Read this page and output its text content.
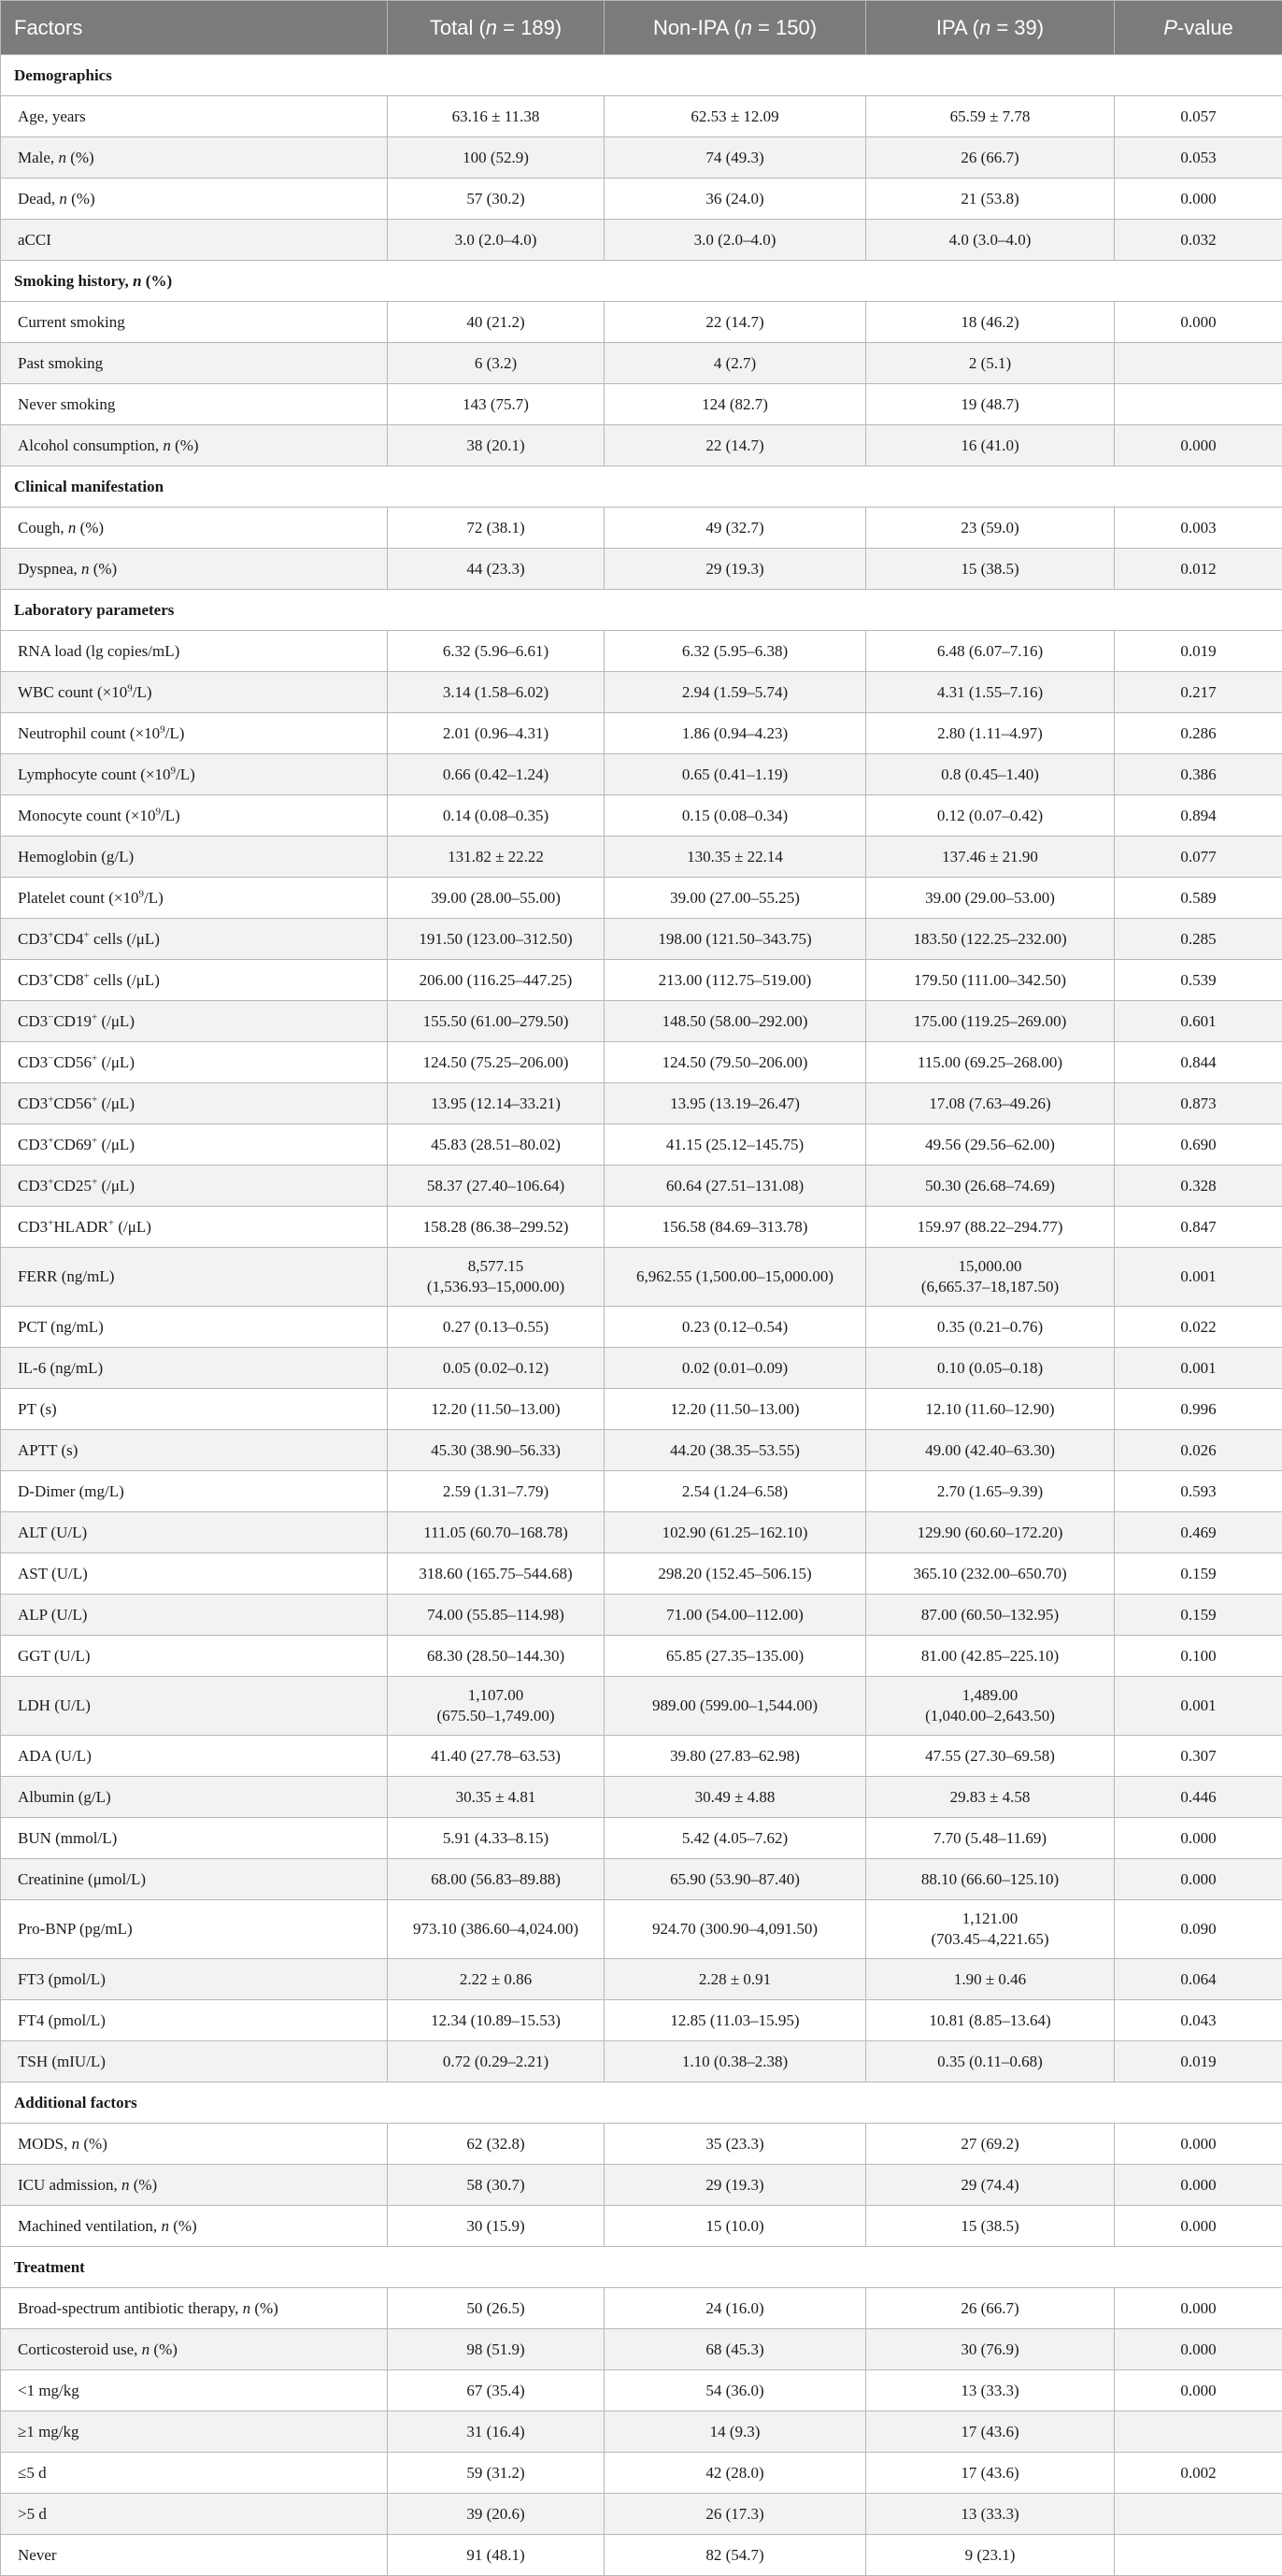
Factors	Total (n = 189)	Non-IPA (n = 150)	IPA (n = 39)	P-value
Demographics				
Age, years	63.16 ± 11.38	62.53 ± 12.09	65.59 ± 7.78	0.057
Male, n (%)	100 (52.9)	74 (49.3)	26 (66.7)	0.053
Dead, n (%)	57 (30.2)	36 (24.0)	21 (53.8)	0.000
aCCI	3.0 (2.0–4.0)	3.0 (2.0–4.0)	4.0 (3.0–4.0)	0.032
Smoking history, n (%)				
Current smoking	40 (21.2)	22 (14.7)	18 (46.2)	0.000
Past smoking	6 (3.2)	4 (2.7)	2 (5.1)	
Never smoking	143 (75.7)	124 (82.7)	19 (48.7)	
Alcohol consumption, n (%)	38 (20.1)	22 (14.7)	16 (41.0)	0.000
Clinical manifestation				
Cough, n (%)	72 (38.1)	49 (32.7)	23 (59.0)	0.003
Dyspnea, n (%)	44 (23.3)	29 (19.3)	15 (38.5)	0.012
Laboratory parameters				
RNA load (lg copies/mL)	6.32 (5.96–6.61)	6.32 (5.95–6.38)	6.48 (6.07–7.16)	0.019
WBC count $(\times 10^9/L)$	3.14 (1.58–6.02)	2.94 (1.59–5.74)	4.31 (1.55–7.16)	0.217
Neutrophil count $(\times 10^9/L)$	2.01 (0.96–4.31)	1.86 (0.94–4.23)	2.80 (1.11–4.97)	0.286
Lymphocyte count $(\times 10^9/L)$	0.66 (0.42–1.24)	0.65 (0.41–1.19)	0.8 (0.45–1.40)	0.386
Monocyte count $(\times 10^9/L)$	0.14 (0.08–0.35)	0.15 (0.08–0.34)	0.12 (0.07–0.42)	0.894
Hemoglobin (g/L)	131.82 ± 22.22	130.35 ± 22.14	137.46 ± 21.90	0.077
Platelet count $(\times 10^9/L)$	39.00 (28.00–55.00)	39.00 (27.00–55.25)	39.00 (29.00–53.00)	0.589
CD3+CD4+ cells (/μL)	191.50 (123.00–312.50)	198.00 (121.50–343.75)	183.50 (122.25–232.00)	0.285
CD3+CD8+ cells (/μL)	206.00 (116.25–447.25)	213.00 (112.75–519.00)	179.50 (111.00–342.50)	0.539
CD3−CD19+ (/μL)	155.50 (61.00–279.50)	148.50 (58.00–292.00)	175.00 (119.25–269.00)	0.601
CD3−CD56+ (/μL)	124.50 (75.25–206.00)	124.50 (79.50–206.00)	115.00 (69.25–268.00)	0.844
CD3+CD56+ (/μL)	13.95 (12.14–33.21)	13.95 (13.19–26.47)	17.08 (7.63–49.26)	0.873
CD3+CD69+ (/μL)	45.83 (28.51–80.02)	41.15 (25.12–145.75)	49.56 (29.56–62.00)	0.690
CD3+CD25+ (/μL)	58.37 (27.40–106.64)	60.64 (27.51–131.08)	50.30 (26.68–74.69)	0.328
CD3+HLADR+ (/μL)	158.28 (86.38–299.52)	156.58 (84.69–313.78)	159.97 (88.22–294.77)	0.847
FERR (ng/mL)	8,577.15
(1,536.93–15,000.00)	6,962.55 (1,500.00–15,000.00)	15,000.00
(6,665.37–18,187.50)	0.001
PCT (ng/mL)	0.27 (0.13–0.55)	0.23 (0.12–0.54)	0.35 (0.21–0.76)	0.022
IL-6 (ng/mL)	0.05 (0.02–0.12)	0.02 (0.01–0.09)	0.10 (0.05–0.18)	0.001
PT (s)	12.20 (11.50–13.00)	12.20 (11.50–13.00)	12.10 (11.60–12.90)	0.996
APTT (s)	45.30 (38.90–56.33)	44.20 (38.35–53.55)	49.00 (42.40–63.30)	0.026
D-Dimer (mg/L)	2.59 (1.31–7.79)	2.54 (1.24–6.58)	2.70 (1.65–9.39)	0.593
ALT (U/L)	111.05 (60.70–168.78)	102.90 (61.25–162.10)	129.90 (60.60–172.20)	0.469
AST (U/L)	318.60 (165.75–544.68)	298.20 (152.45–506.15)	365.10 (232.00–650.70)	0.159
ALP (U/L)	74.00 (55.85–114.98)	71.00 (54.00–112.00)	87.00 (60.50–132.95)	0.159
GGT (U/L)	68.30 (28.50–144.30)	65.85 (27.35–135.00)	81.00 (42.85–225.10)	0.100
LDH (U/L)	1,107.00
(675.50–1,749.00)	989.00 (599.00–1,544.00)	1,489.00
(1,040.00–2,643.50)	0.001
ADA (U/L)	41.40 (27.78–63.53)	39.80 (27.83–62.98)	47.55 (27.30–69.58)	0.307
Albumin (g/L)	30.35 ± 4.81	30.49 ± 4.88	29.83 ± 4.58	0.446
BUN (mmol/L)	5.91 (4.33–8.15)	5.42 (4.05–7.62)	7.70 (5.48–11.69)	0.000
Creatinine (μmol/L)	68.00 (56.83–89.88)	65.90 (53.90–87.40)	88.10 (66.60–125.10)	0.000
Pro-BNP (pg/mL)	973.10 (386.60–4,024.00)	924.70 (300.90–4,091.50)	1,121.00
(703.45–4,221.65)	0.090
FT3 (pmol/L)	2.22 ± 0.86	2.28 ± 0.91	1.90 ± 0.46	0.064
FT4 (pmol/L)	12.34 (10.89–15.53)	12.85 (11.03–15.95)	10.81 (8.85–13.64)	0.043
TSH (mIU/L)	0.72 (0.29–2.21)	1.10 (0.38–2.38)	0.35 (0.11–0.68)	0.019
Additional factors				
MODS, n (%)	62 (32.8)	35 (23.3)	27 (69.2)	0.000
ICU admission, n (%)	58 (30.7)	29 (19.3)	29 (74.4)	0.000
Machined ventilation, n (%)	30 (15.9)	15 (10.0)	15 (38.5)	0.000
Treatment				
Broad-spectrum antibiotic therapy, n (%)	50 (26.5)	24 (16.0)	26 (66.7)	0.000
Corticosteroid use, n (%)	98 (51.9)	68 (45.3)	30 (76.9)	0.000
<1 mg/kg	67 (35.4)	54 (36.0)	13 (33.3)	0.000
≥1 mg/kg	31 (16.4)	14 (9.3)	17 (43.6)	
≤5 d	59 (31.2)	42 (28.0)	17 (43.6)	0.002
>5 d	39 (20.6)	26 (17.3)	13 (33.3)	
Never	91 (48.1)	82 (54.7)	9 (23.1)	
